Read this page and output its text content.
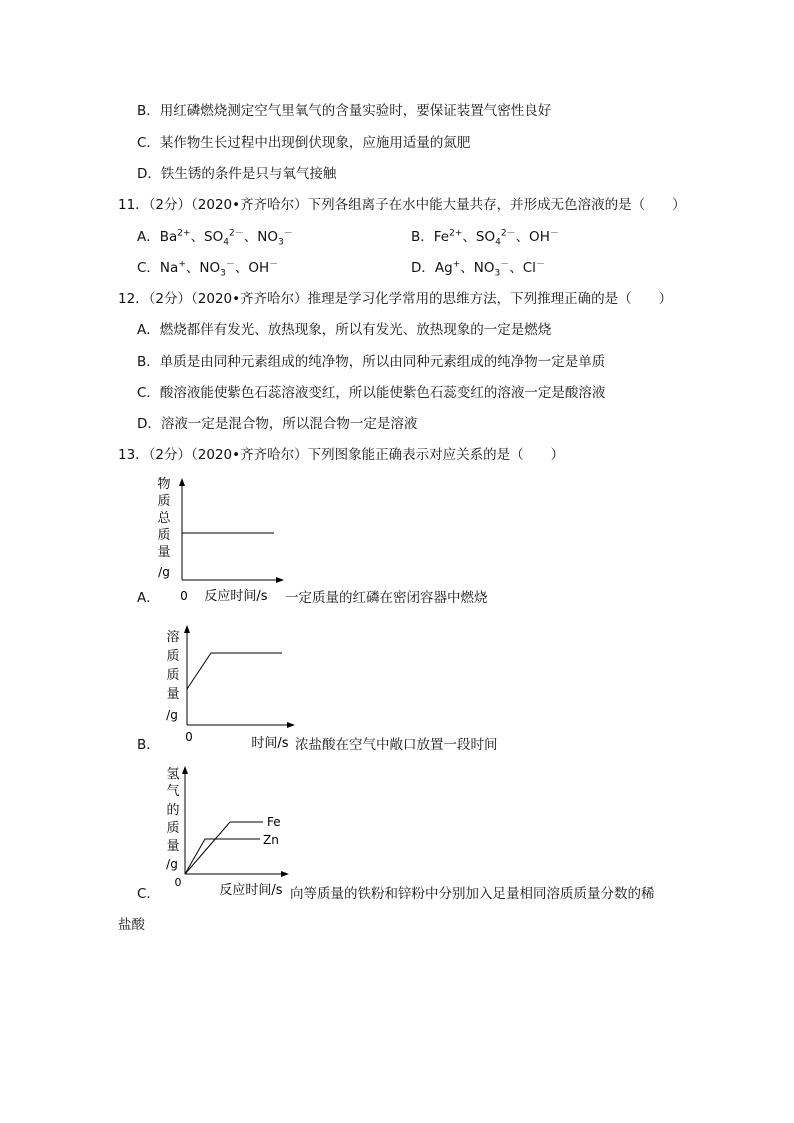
B．用红磷燃烧测定空气里氧气的含量实验时，要保证装置气密性良好
C．某作物生长过程中出现倒伏现象，应施用适量的氮肥
D．铁生锈的条件是只与氧气接触
11．（2分）（2020•齐齐哈尔）下列各组离子在水中能大量共存，并形成无色溶液的是（　　）
A．$Ba^{2+}$、$SO_4^{2-}$、$NO_3^-$	B．$Fe^{2+}$、$SO_4^{2-}$、OH－
C．Na+、$NO_3^-$、OH－	D．Ag+、$NO_3^-$、Cl－
12．（2分）（2020•齐齐哈尔）推理是学习化学常用的思维方法，下列推理正确的是（　　）
A．燃烧都伴有发光、放热现象，所以有发光、放热现象的一定是燃烧
B．单质是由同种元素组成的纯净物，所以由同种元素组成的纯净物一定是单质
C．酸溶液能使紫色石蕊溶液变红，所以能使紫色石蕊变红的溶液一定是酸溶液
D．溶液一定是混合物，所以混合物一定是溶液
13．（2分）（2020•齐齐哈尔）下列图象能正确表示对应关系的是（　　）
物
质
总
质
量
/g
0 反应时间/s
A．	一定质量的红磷在密闭容器中燃烧
溶
质
质
量
/g
0	时间/s
B．	浓盐酸在空气中敞口放置一段时间
氢
气
的
质
量
/g
Fe
Zn
0
反应时间/s
C．	向等质量的铁粉和锌粉中分别加入足量相同溶质质量分数的稀
盐酸
